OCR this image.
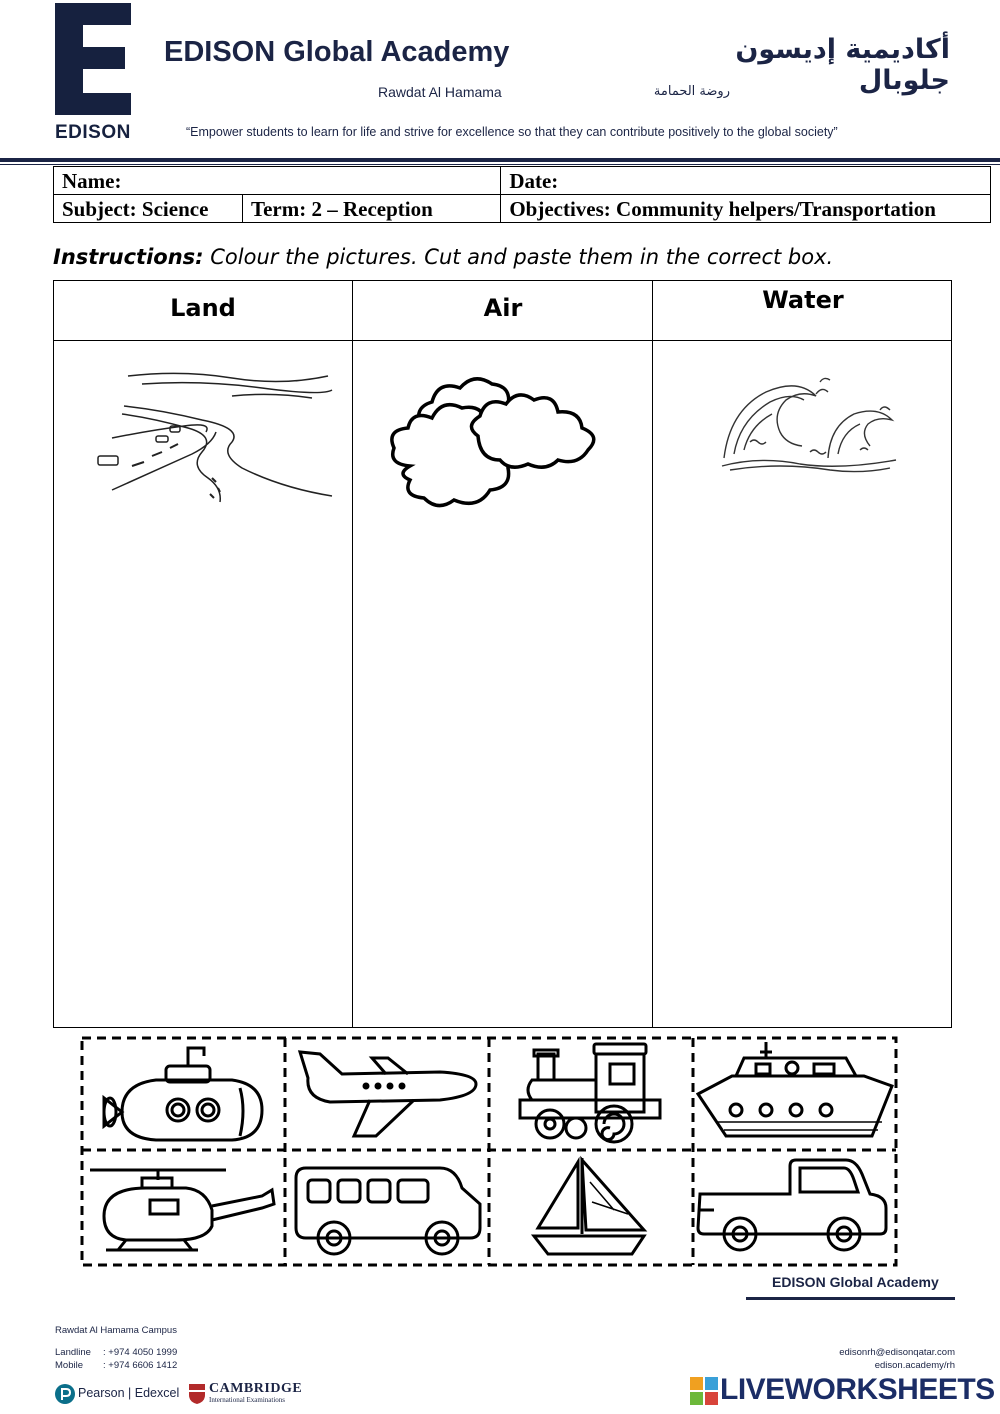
EDISON
EDISON Global Academy
Rawdat Al Hamama
أكاديمية إديسون جلوبال
روضة الحمامة
“Empower students to learn for life and strive for excellence so that they can contribute positively to the global society”
Name:		Date:
Subject: Science	Term: 2 – Reception	Objectives: Community helpers/Transportation
Instructions: Colour the pictures. Cut and paste them in the correct box.
Land	Air	Water
EDISON Global Academy
Rawdat Al Hamama Campus
Landline : +974 4050 1999
Mobile : +974 6606 1412
edisonrh@edisonqatar.com
edison.academy/rh
Pearson | Edexcel CAMBRIDGE
International Examinations	LIVEWORKSHEETS
